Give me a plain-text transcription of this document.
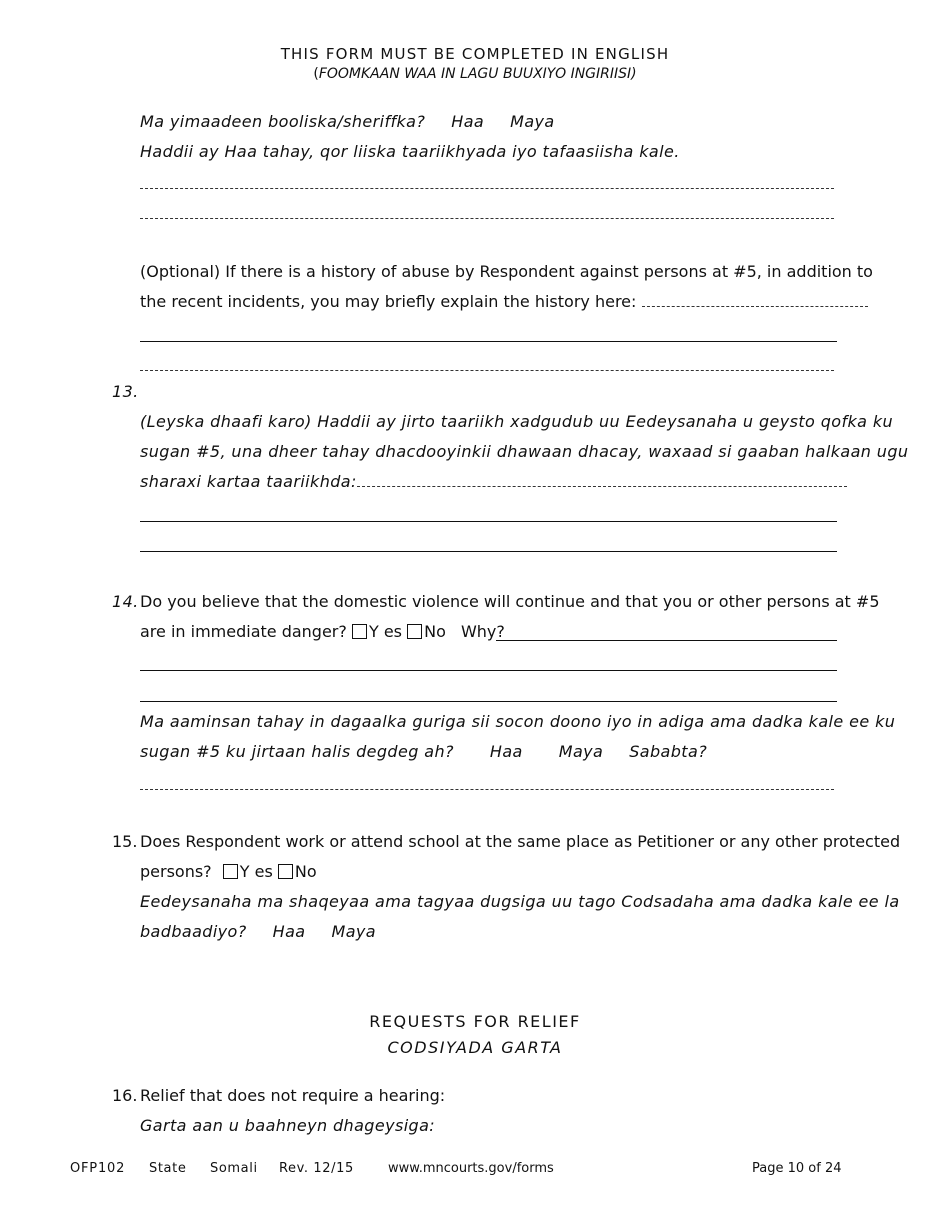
THIS FORM MUST BE COMPLETED IN ENGLISH
(FOOMKAAN WAA IN LAGU BUUXIYO INGIRIISI)
Ma yimaadeen booliska/sheriffka? Haa Maya
Haddii ay Haa tahay, qor liiska taariikhyada iyo tafaasiisha kale.
(Optional) If there is a history of abuse by Respondent against persons at #5, in addition to
the recent incidents, you may briefly explain the history here:
13.
(Leyska dhaafi karo) Haddii ay jirto taariikh xadgudub uu Eedeysanaha u geysto qofka ku
sugan #5, una dheer tahay dhacdooyinkii dhawaan dhacay, waxaad si gaaban halkaan ugu
sharaxi kartaa taariikhda:
14. Do you believe that the domestic violence will continue and that you or other persons at #5
are in immediate danger? Y es No Why?
Ma aaminsan tahay in dagaalka guriga sii socon doono iyo in adiga ama dadka kale ee ku
sugan #5 ku jirtaan halis degdeg ah? Haa Maya Sababta?
15. Does Respondent work or attend school at the same place as Petitioner or any other protected
persons? Y es No
Eedeysanaha ma shaqeyaa ama tagyaa dugsiga uu tago Codsadaha ama dadka kale ee la
badbaadiyo? Haa Maya
REQUESTS FOR RELIEF
CODSIYADA GARTA
16. Relief that does not require a hearing:
Garta aan u baahneyn dhageysiga:
OFP102 State Somali Rev. 12/15	www.mncourts.gov/forms	Page 10 of 24
